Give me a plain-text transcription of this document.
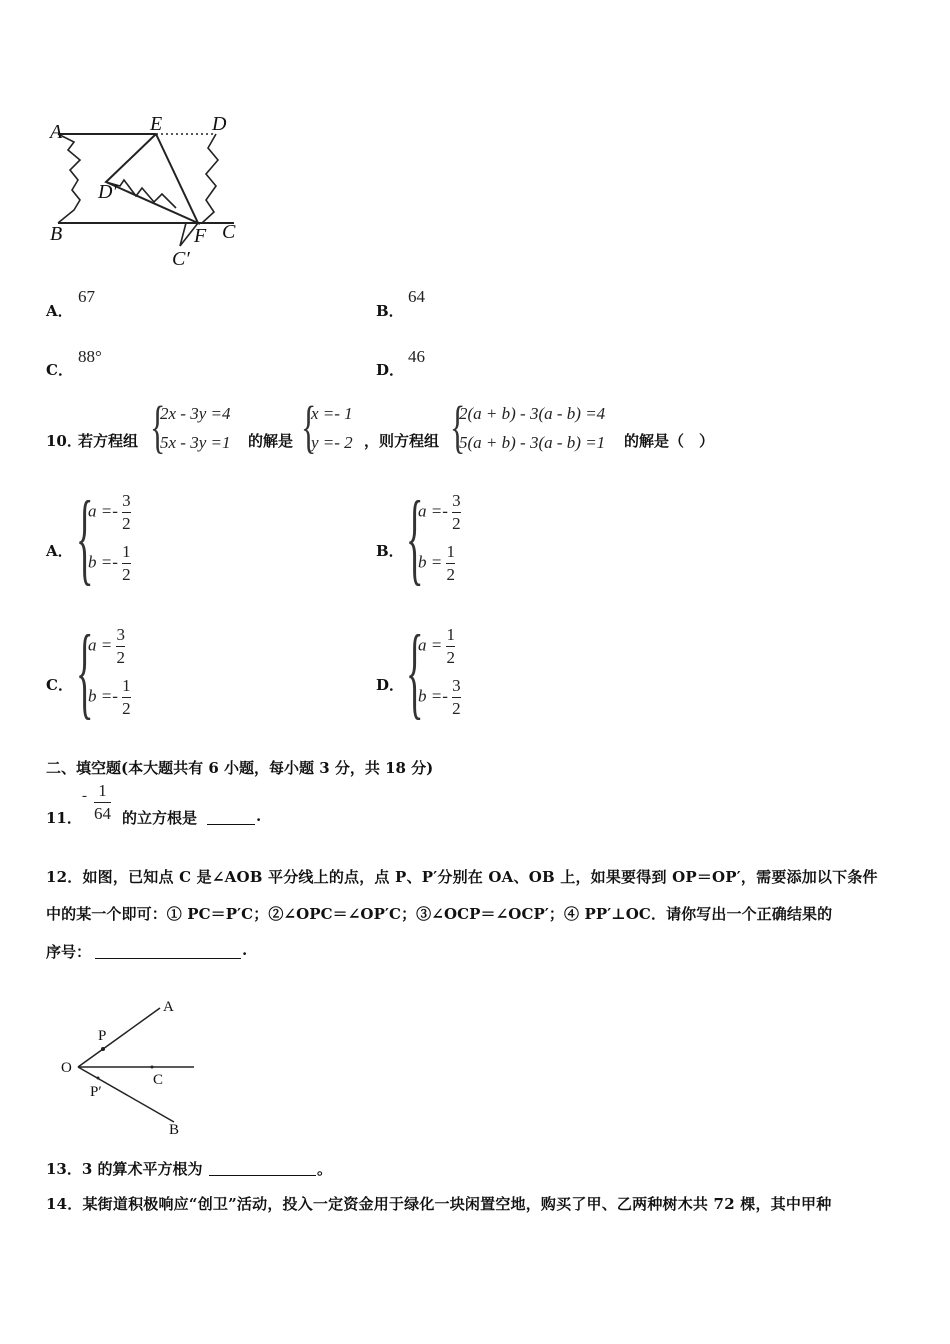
A	E D
D′
B	F C
C′
A．
67
B．
64
C．
88°
D．
46
10．
若方程组 {
2x - 3y =4
5x - 3y =1 的解是 {
x =- 1
y =- 2 ，则方程组 {
2(a + b) - 3(a - b) =4
5(a + b) - 3(a - b) =1 的解是（　）
A． {
$a =- \frac{3}{2}$
$b =- \frac{1}{2}$	B． {
$a =- \frac{3}{2}$
$b = \frac{1}{2}$
C． {
$a = \frac{3}{2}$
$b =- \frac{1}{2}$	D． {
$a = \frac{1}{2}$
$b =- \frac{3}{2}$
二、填空题(本大题共有 6 小题，每小题 3 分，共 18 分)
11．
- $\frac{1}{64}$ 的立方根是	.
12．如图，已知点 C 是∠AOB 平分线上的点，点 P、P′分别在 OA、OB 上，如果要得到 OP＝OP′，需要添加以下条件
中的某一个即可：① PC＝P′C；②∠OPC＝∠OP′C；③∠OCP＝∠OCP′；④ PP′⊥OC．请你写出一个正确结果的
序号：	.
O
P
A
C
P′
B
13．3 的算术平方根为	。
14．某街道积极响应“创卫”活动，投入一定资金用于绿化一块闲置空地，购买了甲、乙两种树木共 72 棵，其中甲种
